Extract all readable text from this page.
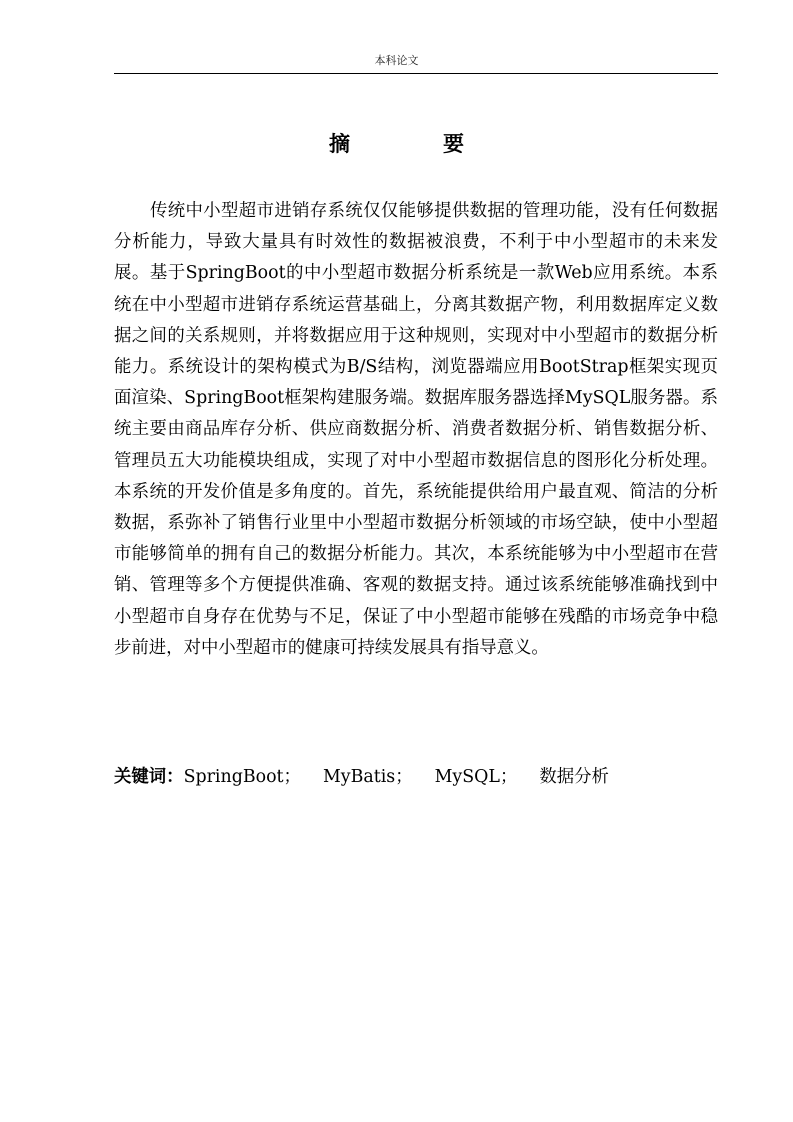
本科论文
摘　要

传统中小型超市进销存系统仅仅能够提供数据的管理功能，没有任何数据分析能力，导致大量具有时效性的数据被浪费，不利于中小型超市的未来发展。基于SpringBoot的中小型超市数据分析系统是一款Web应用系统。本系统在中小型超市进销存系统运营基础上，分离其数据产物，利用数据库定义数据之间的关系规则，并将数据应用于这种规则，实现对中小型超市的数据分析能力。系统设计的架构模式为B/S结构，浏览器端应用BootStrap框架实现页面渲染、SpringBoot框架构建服务端。数据库服务器选择MySQL服务器。系统主要由商品库存分析、供应商数据分析、消费者数据分析、销售数据分析、管理员五大功能模块组成，实现了对中小型超市数据信息的图形化分析处理。本系统的开发价值是多角度的。首先，系统能提供给用户最直观、简洁的分析数据，系弥补了销售行业里中小型超市数据分析领域的市场空缺，使中小型超市能够简单的拥有自己的数据分析能力。其次，本系统能够为中小型超市在营销、管理等多个方便提供准确、客观的数据支持。通过该系统能够准确找到中小型超市自身存在优势与不足，保证了中小型超市能够在残酷的市场竞争中稳步前进，对中小型超市的健康可持续发展具有指导意义。

关键词：SpringBoot； MyBatis； MySQL； 数据分析
